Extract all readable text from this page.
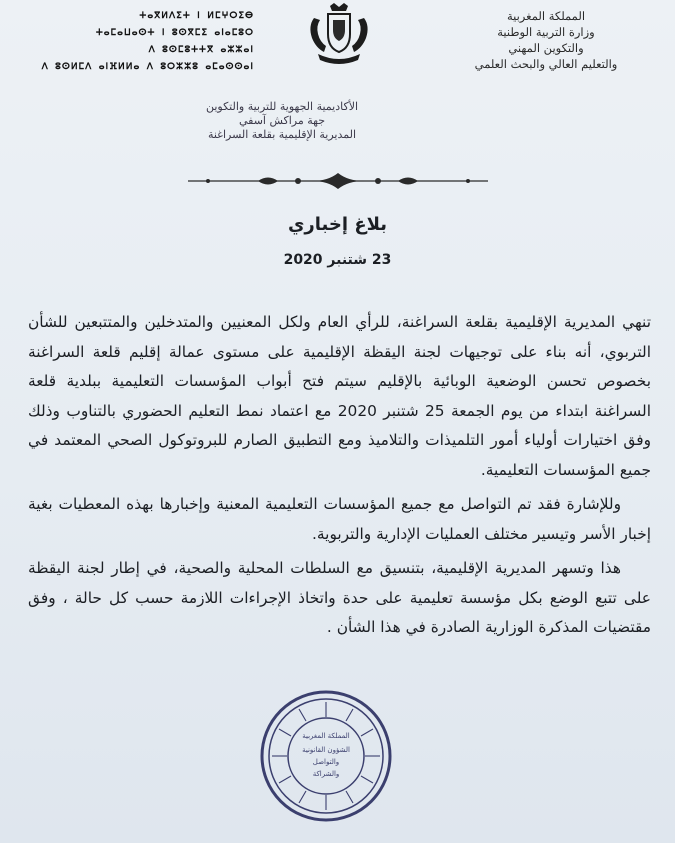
ⵜⴰⴳⵍⴷⵉⵜ ⵏ ⵍⵎⵖⵔⵉⴱ
ⵜⴰⵎⴰⵡⴰⵙⵜ ⵏ ⵓⵙⴳⵎⵉ ⴰⵏⴰⵎⵓⵔ
ⴷ ⵓⵙⵎⵓⵜⵜⴳ ⴰⵣⵣⴰⵏ
ⴷ ⵓⵙⵍⵎⴷ ⴰⵏⴼⵍⵍⴰ ⴷ ⵓⵔⵣⵣⵓ ⴰⵎⴰⵙⵙⴰⵏ
المملكة المغربية
وزارة التربية الوطنية
والتكوين المهني
والتعليم العالي والبحث العلمي
الأكاديمية الجهوية للتربية والتكوين
جهة مراكش آسفي
المديرية الإقليمية بقلعة السراغنة
بلاغ إخباري
23 شتنبر 2020

تنهي المديرية الإقليمية بقلعة السراغنة، للرأي العام ولكل المعنيين والمتدخلين والمتتبعين للشأن التربوي، أنه بناء على توجيهات لجنة اليقظة الإقليمية على مستوى عمالة إقليم قلعة السراغنة بخصوص تحسن الوضعية الوبائية بالإقليم سيتم فتح أبواب المؤسسات التعليمية ببلدية قلعة السراغنة ابتداء من يوم الجمعة 25 شتنبر 2020 مع اعتماد نمط التعليم الحضوري بالتناوب وذلك وفق اختيارات أولياء أمور التلميذات والتلاميذ ومع التطبيق الصارم للبروتوكول الصحي المعتمد في جميع المؤسسات التعليمية.

وللإشارة فقد تم التواصل مع جميع المؤسسات التعليمية المعنية وإخبارها بهذه المعطيات بغية إخبار الأسر وتيسير مختلف العمليات الإدارية والتربوية.

هذا وتسهر المديرية الإقليمية، بتنسيق مع السلطات المحلية والصحية، في إطار لجنة اليقظة على تتبع الوضع بكل مؤسسة تعليمية على حدة واتخاذ الإجراءات اللازمة حسب كل حالة ، وفق مقتضيات المذكرة الوزارية الصادرة في هذا الشأن .

المملكة المغربية
الشؤون القانونية
والتواصل
والشراكة
